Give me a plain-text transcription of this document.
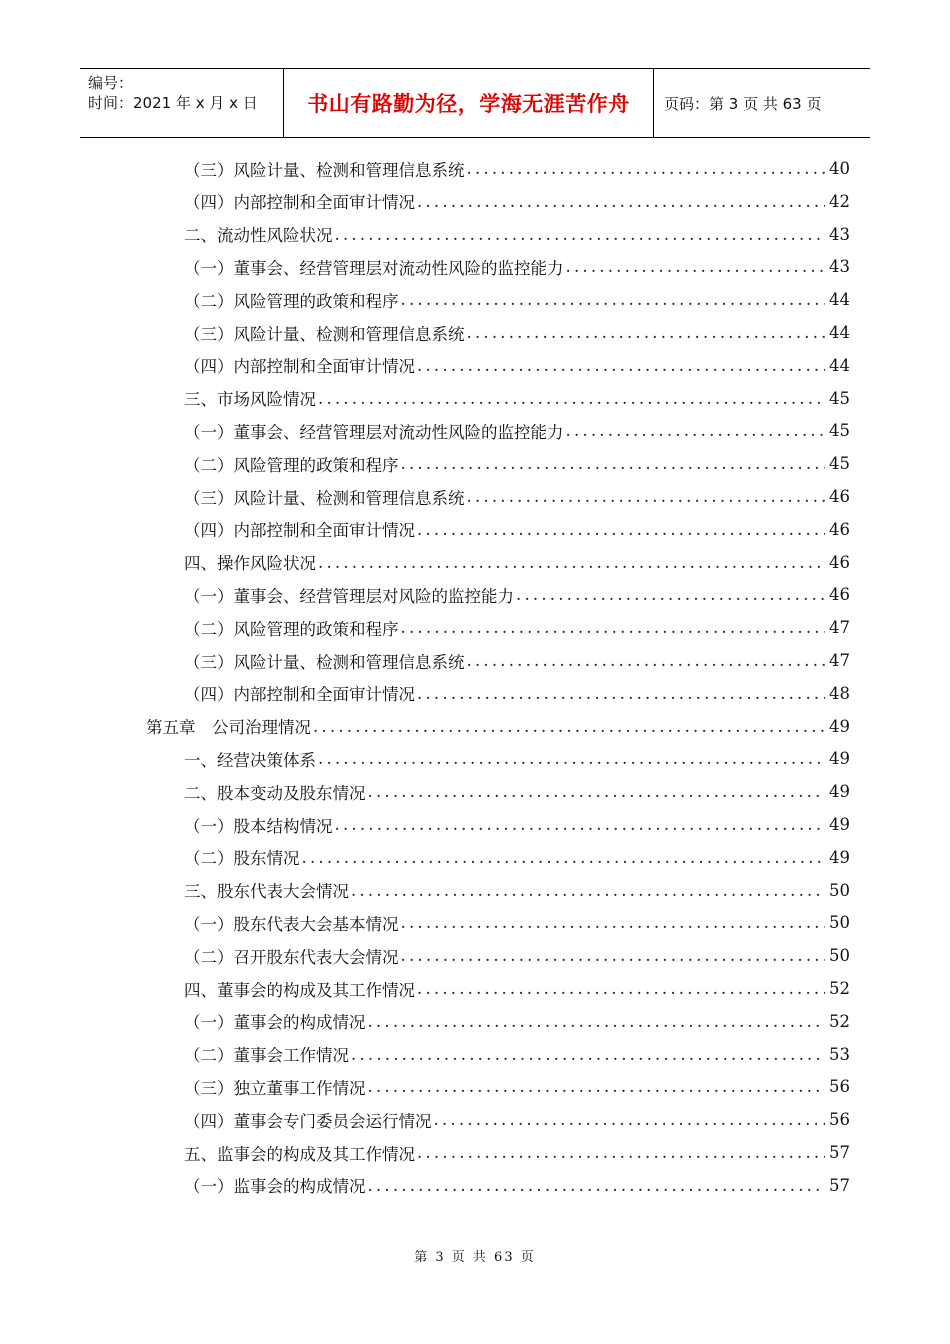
编号：
时间：2021 年 x 月 x 日	书山有路勤为径，学海无涯苦作舟	页码：第 3 页 共 63 页
（三）风险计量、检测和管理信息系统 .....	40
（四）内部控制和全面审计情况 .....	42
二、流动性风险状况 .....	43
（一）董事会、经营管理层对流动性风险的监控能力 .....	43
（二）风险管理的政策和程序 .....	44
（三）风险计量、检测和管理信息系统 .....	44
（四）内部控制和全面审计情况 .....	44
三、市场风险情况 .....	45
（一）董事会、经营管理层对流动性风险的监控能力 .....	45
（二）风险管理的政策和程序 .....	45
（三）风险计量、检测和管理信息系统 .....	46
（四）内部控制和全面审计情况 .....	46
四、操作风险状况 .....	46
（一）董事会、经营管理层对风险的监控能力 .....	46
（二）风险管理的政策和程序 .....	47
（三）风险计量、检测和管理信息系统 .....	47
（四）内部控制和全面审计情况 .....	48
第五章　公司治理情况 .....	49
一、经营决策体系 .....	49
二、股本变动及股东情况 .....	49
（一）股本结构情况 .....	49
（二）股东情况 .....	49
三、股东代表大会情况 .....	50
（一）股东代表大会基本情况 .....	50
（二）召开股东代表大会情况 .....	50
四、董事会的构成及其工作情况 .....	52
（一）董事会的构成情况 .....	52
（二）董事会工作情况 .....	53
（三）独立董事工作情况 .....	56
（四）董事会专门委员会运行情况 .....	56
五、监事会的构成及其工作情况 .....	57
（一）监事会的构成情况 .....	57
第 3 页 共 63 页
